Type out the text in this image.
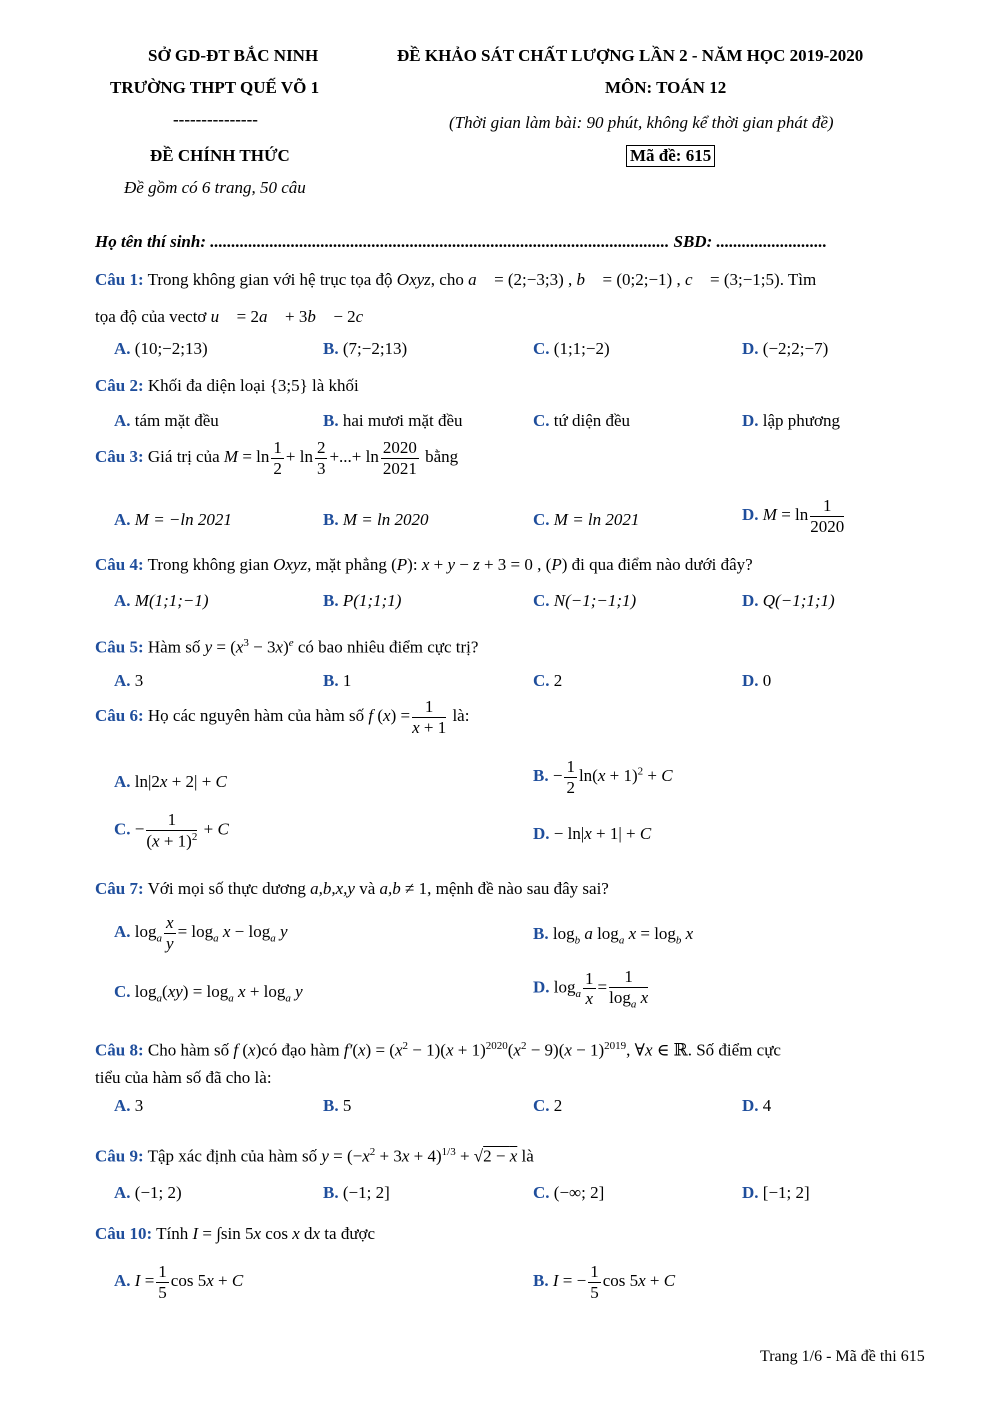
SỞ GD-ĐT BẮC NINH
TRƯỜNG THPT QUẾ VÕ 1
---------------
ĐỀ CHÍNH THỨC
Đề gồm có 6 trang, 50 câu
ĐỀ KHẢO SÁT CHẤT LƯỢNG LẦN 2 - NĂM HỌC 2019-2020
MÔN: TOÁN 12
(Thời gian làm bài: 90 phút, không kể thời gian phát đề)
Mã đề: 615
Họ tên thí sinh: ............................................................................................................ SBD: ..........................
Câu 1: Trong không gian với hệ trục tọa độ Oxyz, cho a⃗ = (2;−3;3) , b⃗ = (0;2;−1) , c⃗ = (3;−1;5). Tìm
tọa độ của vectơ u⃗ = 2a⃗ + 3b⃗ − 2c⃗
A. (10;−2;13)	B. (7;−2;13)	C. (1;1;−2)	D. (−2;2;−7)
Câu 2: Khối đa diện loại {3;5} là khối
A. tám mặt đều	B. hai mươi mặt đều	C. tứ diện đều	D. lập phương
Câu 3: Giá trị của $M = \ln \frac{1}{2} + \ln \frac{2}{3}$ +...+ $\ln \frac{2020}{2021}$ bằng
A. M = −ln 2021	B. M = ln 2020	C. M = ln 2021	D. $M = \ln \frac{1}{2020}$
Câu 4: Trong không gian Oxyz, mặt phẳng (P): x + y − z + 3 = 0 , (P) đi qua điểm nào dưới đây?
A. M(1;1;−1)	B. P(1;1;1)	C. N(−1;−1;1)	D. Q(−1;1;1)
Câu 5: Hàm số $y = (x^3 - 3x)^e$ có bao nhiêu điểm cực trị?
A. 3	B. 1	C. 2	D. 0
Câu 6: Họ các nguyên hàm của hàm số f $(x) = \frac{1}{x + 1}$ là:
A. ln|2x + 2| + C	B. − $\frac{1}{2} \ln(x + 1)^2 + C$
C. − $\frac{1}{(x + 1)^2} + C$	D. − ln|x + 1| + C
Câu 7: Với mọi số thực dương a,b,x,y và a,b ≠ 1, mệnh đề nào sau đây sai?
A. $\log_a \frac{x}{y} = \log_a x - \log_a y$	B. $\log_b a$ $\log_a x = \log_b x$
C. $\log_a(xy) = \log_a x + \log_a y$	D. $\log_a \frac{1}{x} = \frac{1}{\log_a x}$
Câu 8: Cho hàm số f (x)có đạo hàm $f'(x) = (x^2 - 1)(x + 1)^{2020}(x^2 - 9)(x - 1)^{2019}$, ∀x ∈ ℝ. Số điểm cực
tiểu của hàm số đã cho là:
A. 3	B. 5	C. 2	D. 4
Câu 9: Tập xác định của hàm số $y = (-x^2 + 3x + 4)^{1/3} + √2 - x$ là
A. (−1; 2)	B. (−1; 2]	C. (−∞; 2]	D. [−1; 2]
Câu 10: Tính I = ∫sin 5x cos x dx ta được
A. $I = \frac{1}{5}$ cos 5x + C	B. I = − $\frac{1}{5}$ cos 5x + C
Trang 1/6 - Mã đề thi 615
